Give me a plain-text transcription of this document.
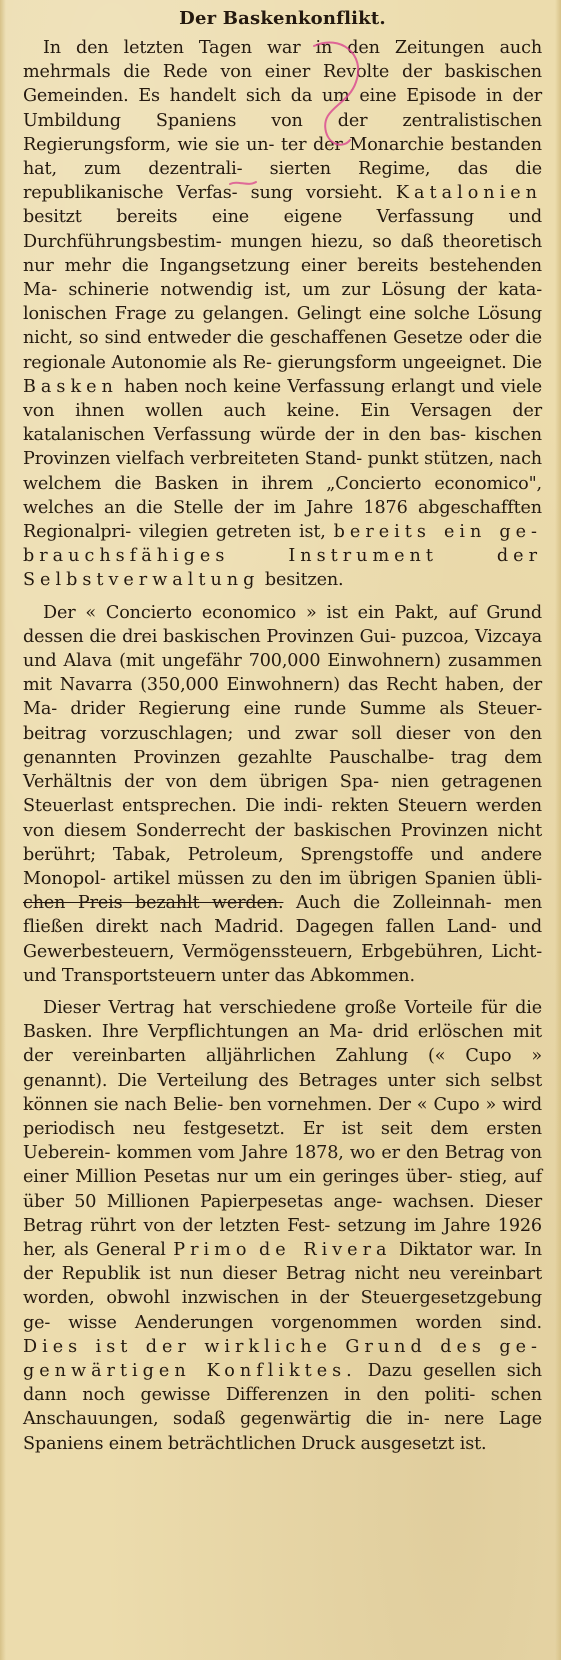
Der Baskenkonflikt.

In den letzten Tagen war in den Zeitungen auch mehrmals die Rede von einer Revolte der baskischen Gemeinden. Es handelt sich da um eine Episode in der Umbildung Spaniens von der zentralistischen Regierungsform, wie sie un- ter der Monarchie bestanden hat, zum dezentrali- sierten Regime, das die republikanische Verfas- sung vorsieht. Katalonien besitzt bereits eine eigene Verfassung und Durchführungsbestim- mungen hiezu, so daß theoretisch nur mehr die Ingangsetzung einer bereits bestehenden Ma- schinerie notwendig ist, um zur Lösung der kata- lonischen Frage zu gelangen. Gelingt eine solche Lösung nicht, so sind entweder die geschaffenen Gesetze oder die regionale Autonomie als Re- gierungsform ungeeignet. Die Basken haben noch keine Verfassung erlangt und viele von ihnen wollen auch keine. Ein Versagen der katalanischen Verfassung würde der in den bas- kischen Provinzen vielfach verbreiteten Stand- punkt stützen, nach welchem die Basken in ihrem „Concierto economico", welches an die Stelle der im Jahre 1876 abgeschafften Regionalpri- vilegien getreten ist, bereits ein ge- brauchsfähiges Instrument der Selbstverwaltung besitzen.

Der « Concierto economico » ist ein Pakt, auf Grund dessen die drei baskischen Provinzen Gui- puzcoa, Vizcaya und Alava (mit ungefähr 700,000 Einwohnern) zusammen mit Navarra (350,000 Einwohnern) das Recht haben, der Ma- drider Regierung eine runde Summe als Steuer- beitrag vorzuschlagen; und zwar soll dieser von den genannten Provinzen gezahlte Pauschalbe- trag dem Verhältnis der von dem übrigen Spa- nien getragenen Steuerlast entsprechen. Die indi- rekten Steuern werden von diesem Sonderrecht der baskischen Provinzen nicht berührt; Tabak, Petroleum, Sprengstoffe und andere Monopol- artikel müssen zu den im übrigen Spanien übli- chen Preis bezahlt werden. Auch die Zolleinnah- men fließen direkt nach Madrid. Dagegen fallen Land- und Gewerbesteuern, Vermögenssteuern, Erbgebühren, Licht- und Transportsteuern unter das Abkommen.

Dieser Vertrag hat verschiedene große Vorteile für die Basken. Ihre Verpflichtungen an Ma- drid erlöschen mit der vereinbarten alljährlichen Zahlung (« Cupo » genannt). Die Verteilung des Betrages unter sich selbst können sie nach Belie- ben vornehmen. Der « Cupo » wird periodisch neu festgesetzt. Er ist seit dem ersten Ueberein- kommen vom Jahre 1878, wo er den Betrag von einer Million Pesetas nur um ein geringes über- stieg, auf über 50 Millionen Papierpesetas ange- wachsen. Dieser Betrag rührt von der letzten Fest- setzung im Jahre 1926 her, als General Primo de Rivera Diktator war. In der Republik ist nun dieser Betrag nicht neu vereinbart worden, obwohl inzwischen in der Steuergesetzgebung ge- wisse Aenderungen vorgenommen worden sind. Dies ist der wirkliche Grund des ge- genwärtigen Konfliktes. Dazu gesellen sich dann noch gewisse Differenzen in den politi- schen Anschauungen, sodaß gegenwärtig die in- nere Lage Spaniens einem beträchtlichen Druck ausgesetzt ist.
